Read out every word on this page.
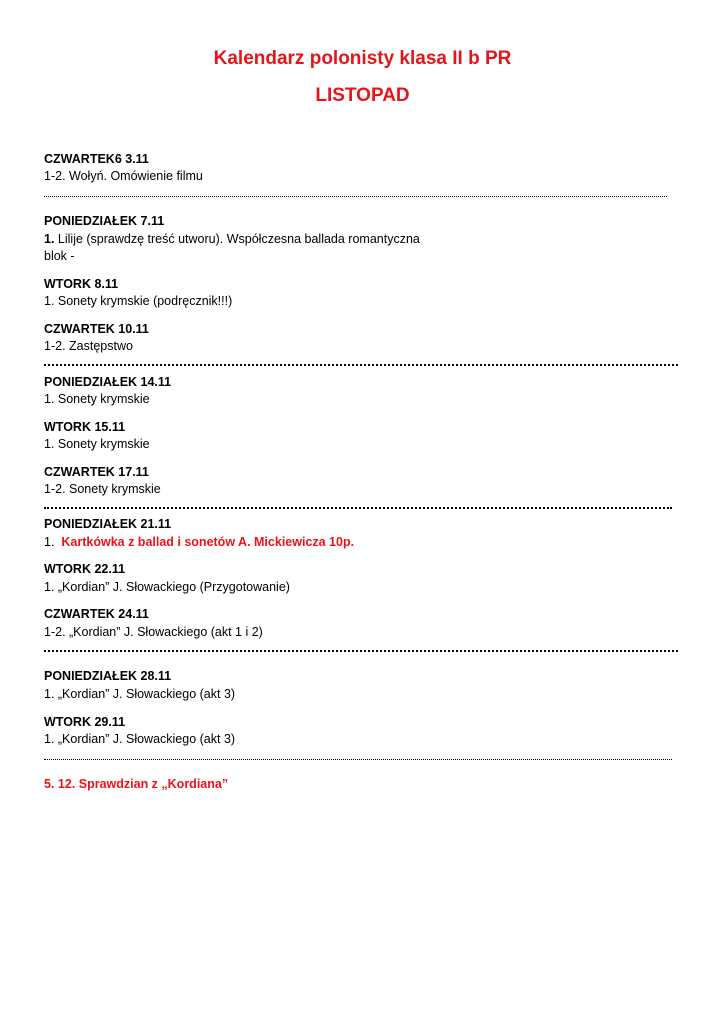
Kalendarz polonisty klasa II b PR
LISTOPAD
CZWARTEK6 3.11
1-2. Wołyń. Omówienie filmu
PONIEDZIAŁEK 7.11
1. Lilije (sprawdzę treść utworu). Współczesna ballada romantyczna
blok -
WTORK 8.11
1. Sonety krymskie (podręcznik!!!)
CZWARTEK 10.11
1-2. Zastępstwo
PONIEDZIAŁEK 14.11
1. Sonety krymskie
WTORK 15.11
1. Sonety krymskie
CZWARTEK 17.11
1-2. Sonety krymskie
PONIEDZIAŁEK 21.11
1. Kartkówka z ballad i sonetów A. Mickiewicza 10p.
WTORK 22.11
1. „Kordian” J. Słowackiego (Przygotowanie)
CZWARTEK 24.11
1-2. „Kordian” J. Słowackiego (akt 1 i 2)
PONIEDZIAŁEK 28.11
1. „Kordian” J. Słowackiego (akt 3)
WTORK 29.11
1. „Kordian” J. Słowackiego (akt 3)
5. 12. Sprawdzian z „Kordiana”
